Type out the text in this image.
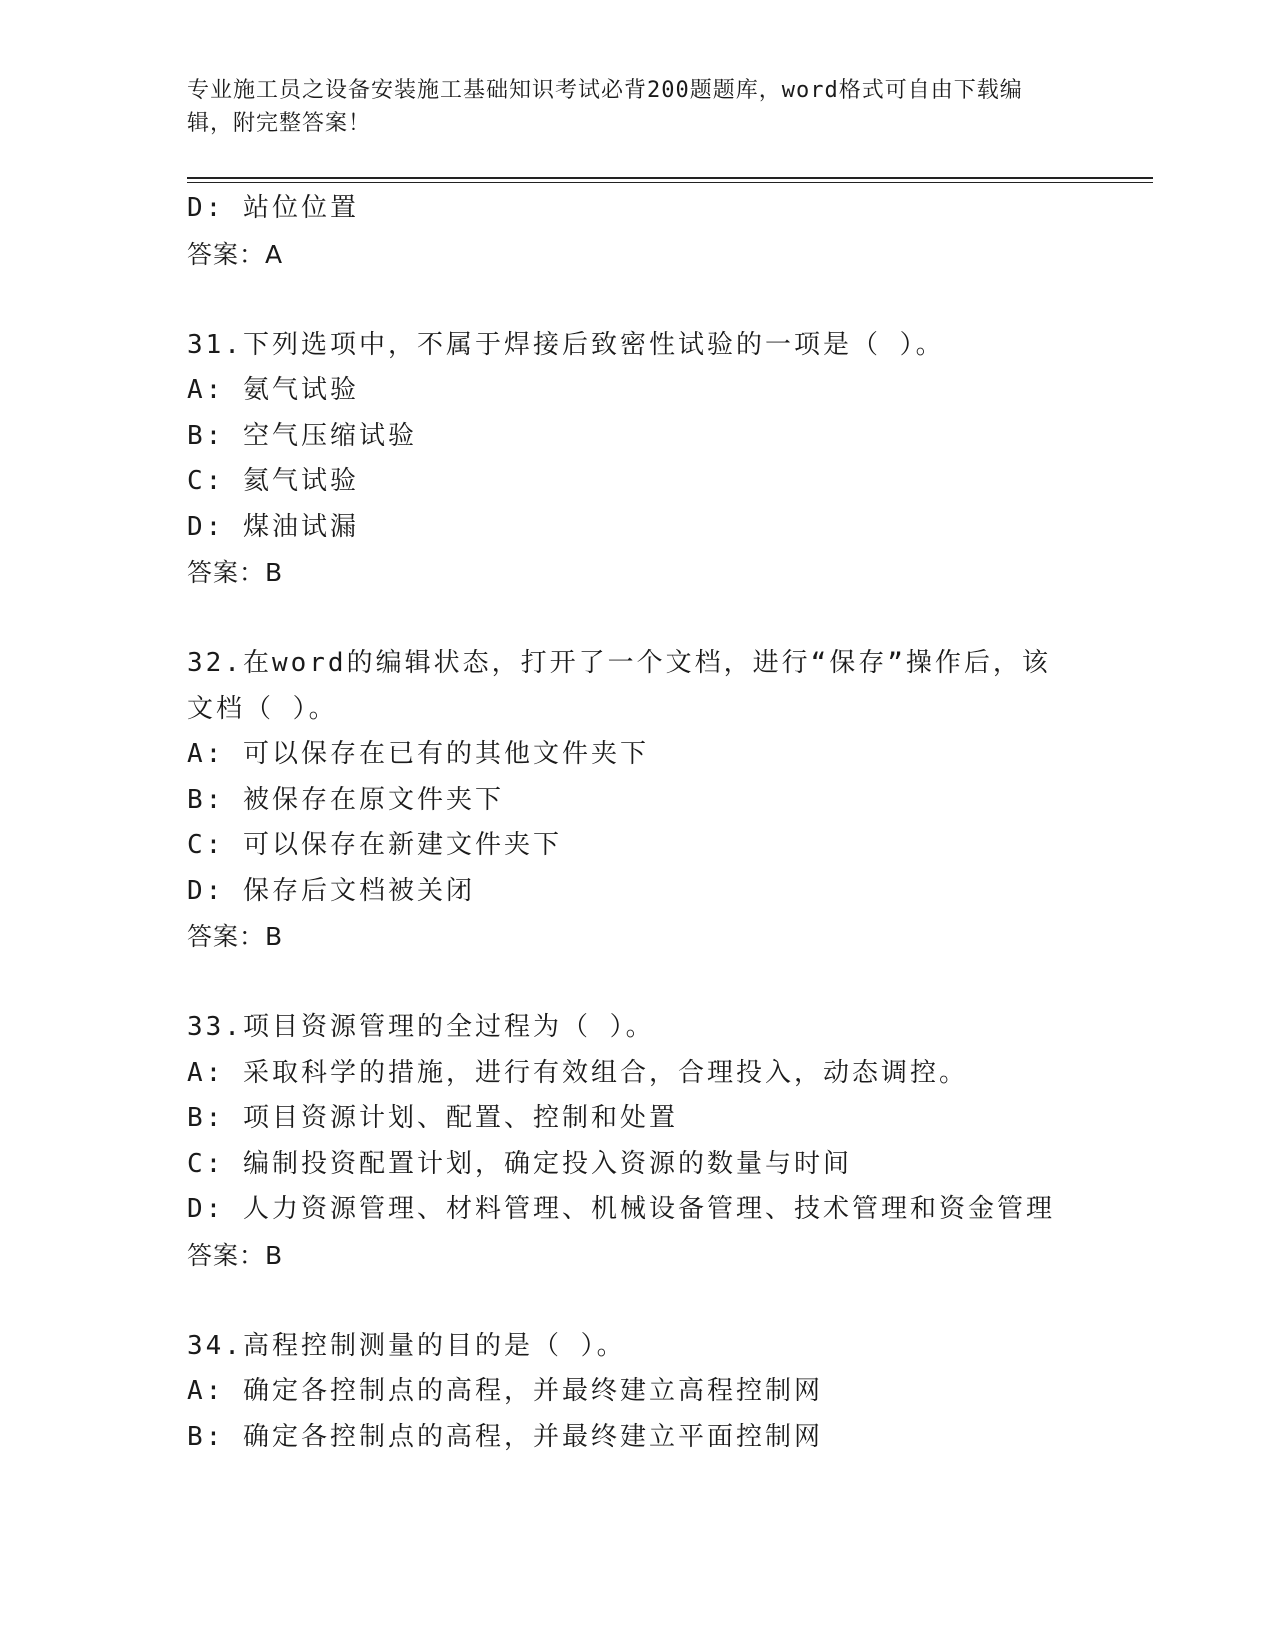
专业施工员之设备安装施工基础知识考试必背200题题库，word格式可自由下载编辑，附完整答案！
D: 站位位置
答案：A
31.下列选项中，不属于焊接后致密性试验的一项是（ ）。
A: 氨气试验
B: 空气压缩试验
C: 氦气试验
D: 煤油试漏
答案：B
32.在word的编辑状态，打开了一个文档，进行“保存”操作后，该文档（ ）。
A: 可以保存在已有的其他文件夹下
B: 被保存在原文件夹下
C: 可以保存在新建文件夹下
D: 保存后文档被关闭
答案：B
33.项目资源管理的全过程为（ ）。
A: 采取科学的措施，进行有效组合，合理投入，动态调控。
B: 项目资源计划、配置、控制和处置
C: 编制投资配置计划，确定投入资源的数量与时间
D: 人力资源管理、材料管理、机械设备管理、技术管理和资金管理
答案：B
34.高程控制测量的目的是（ ）。
A: 确定各控制点的高程，并最终建立高程控制网
B: 确定各控制点的高程，并最终建立平面控制网
